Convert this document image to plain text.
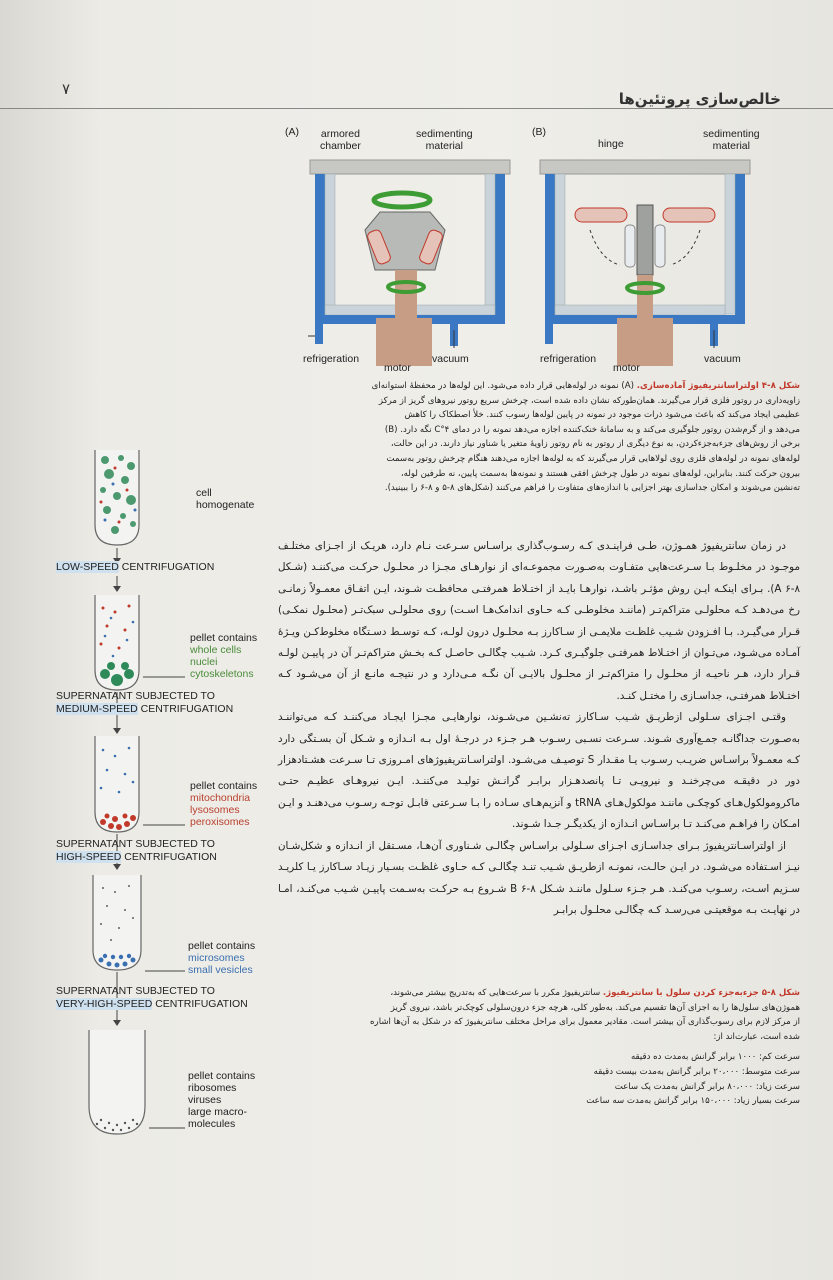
۷
خالص‌سازی پروتئین‌ها
(A) armored
chamber
sedimenting
material
(B)
hinge
sedimenting
material
refrigeration
motor
vacuum	refrigeration
motor
vacuum
شکل ۸-۴ اولتراسانتریفیوژ آماده‌سازی. (A) نمونه در لوله‌هایی قرار داده می‌شود. این لوله‌ها در محفظهٔ استوانه‌ای
زاویه‌داری در روتور فلزی قرار می‌گیرند. همان‌طور‌که نشان داده شده است، چرخش سریع روتور نیروهای گریز از مرکز
عظیمی ایجاد می‌کند که باعث می‌شود ذرات موجود در نمونه در پایین لوله‌ها رسوب کنند. خلأ اصطکاک را کاهش
می‌دهد و از گرم‌شدن روتور جلوگیری می‌کند و به سامانهٔ خنک‌کننده اجازه می‌دهد نمونه را در دمای ۴°C نگه دارد. (B)
برخی از روش‌های جزء‌به‌جزء‌کردن، به نوع دیگری از روتور به نام روتور زاویهٔ متغیر یا شناور نیاز دارند. در این حالت،
لوله‌های نمونه در لوله‌های فلزی روی لولاهایی قرار می‌گیرند که به لوله‌ها اجازه می‌دهند هنگام چرخش روتور به‌سمت
بیرون حرکت کنند. بنابراین، لوله‌های نمونه در طول چرخش افقی هستند و نمونه‌ها به‌سمت پایین، نه طرفین لوله،
ته‌نشین می‌شوند و امکان جداسازی بهتر اجزایی با اندازه‌های متفاوت را فراهم می‌کنند (شکل‌های ۸-۵ و ۸-۶ را ببینید).

در زمان سانتریفیوژ همـوژن، طـی فراینـدی کـه رسـوب‌گذاری براسـاس سـرعت نـام دارد، هریـک از اجـزای مختلـف موجـود در مخلـوط بـا سـرعت‌هایی متفـاوت به‌صـورت مجموعـه‌ای از نوارهـای مجـزا در محلـول حرکـت می‌کننـد (شـکل ۸-۶ A). بـرای اینکـه ایـن روش مؤثـر باشـد، نوارهـا بایـد از اختـلاط همرفتـی محافظـت شـوند، ایـن اتفـاق معمـولاً زمانـی رخ می‌دهـد کـه محلولـی متراکم‌تـر (ماننـد مخلوطـی کـه حـاوی اندامک‌هـا اسـت) روی محلولـی سبک‌تـر (محلـول نمکـی) قـرار می‌گیـرد. بـا افـزودن شـیب غلظـت ملایمـی از سـاکارز بـه محلـول درون لولـه، کـه توسـط دسـتگاه مخلوط‌کـن ویـژهٔ آمـاده می‌شـود، می‌تـوان از اختـلاط همرفتـی جلوگیـری کـرد. شـیب چگالـی حاصـل کـه بخـش متراکم‌تـر آن در پاییـن لولـه قـرار دارد، هـر ناحیـه از محلـول را متراکم‌تـر از محلـول بالایـی آن نگـه مـی‌دارد و در نتیجـه مانـع از آن می‌شـود کـه اختـلاط همرفتـی، جداسـازی را مختـل کنـد.

وقتـی اجـزای سـلولی ازطریـق شـیب سـاکارز ته‌نشـین می‌شـوند، نوارهایـی مجـزا ایجـاد می‌کننـد کـه می‌تواننـد به‌صـورت جداگانـه جمـع‌آوری شـوند. سـرعت نسـبی رسـوب هـر جـزء در درجـهٔ اول بـه انـدازه و شـکل آن بسـتگی دارد کـه معمـولاً براسـاس ضریـب رسـوب یـا مقـدار S توصیـف می‌شـود. اولتراسـانتریفیوژهای امـروزی تـا سـرعت هشـتادهزار دور در دقیقـه می‌چرخنـد و نیرویـی تـا پانصدهـزار برابـر گرانـش تولیـد می‌کننـد. ایـن نیروهـای عظیـم حتـی ماکرومولکول‌هـای کوچکـی ماننـد مولکول‌هـای tRNA و آنزیم‌هـای سـاده را بـا سـرعتی قابـل توجـه رسـوب می‌دهنـد و ایـن امـکان را فراهـم می‌کنـد تـا براسـاس انـدازه از یکدیگـر جـدا شـوند.

از اولتراسـانتریفیوژ بـرای جداسـازی اجـزای سـلولی براسـاس چگالـی شـناوری آن‌هـا، مسـتقل از انـدازه و شکل‌شـان نیـز اسـتفاده می‌شـود. در ایـن حالـت، نمونـه ازطریـق شـیب تنـد چگالـی کـه حـاوی غلظـت بسـیار زیـاد سـاکارز یـا کلریـد سـزیم اسـت، رسـوب می‌کنـد. هـر جـزء سـلول ماننـد شـکل ۸-۶ B شـروع بـه حرکـت به‌سـمت پاییـن شـیب می‌کنـد، امـا در نهایـت بـه موقعیتـی می‌رسـد کـه چگالـی محلـول برابـر

شکل ۸-۵ جزء‌به‌جزء کردن سلول با سانتریفیوژ. سانتریفیوژ مکرر با سرعت‌هایی که به‌تدریج بیشتر می‌شوند،
هموژن‌های سلول‌ها را به اجزای آن‌ها تقسیم می‌کند. به‌طور کلی، هرچه جزء درون‌سلولی کوچک‌تر باشد، نیروی گریز
از مرکز لازم برای رسوب‌گذاری آن بیشتر است. مقادیر معمول برای مراحل مختلف سانتریفیوژ که در شکل به آن‌ها اشاره
شده است، عبارت‌اند از:
سرعت کم: ۱۰۰۰ برابر گرانش به‌مدت ده دقیقه
سرعت متوسط: ۲۰،۰۰۰ برابر گرانش به‌مدت بیست دقیقه
سرعت زیاد: ۸۰،۰۰۰ برابر گرانش به‌مدت یک ساعت
سرعت بسیار زیاد: ۱۵۰،۰۰۰ برابر گرانش به‌مدت سه ساعت
cell
homogenate
LOW-SPEED CENTRIFUGATION
pellet contains
whole cells
nuclei
cytoskeletons
SUPERNATANT SUBJECTED TO
MEDIUM-SPEED CENTRIFUGATION
pellet contains
mitochondria
lysosomes
peroxisomes
SUPERNATANT SUBJECTED TO
HIGH-SPEED CENTRIFUGATION
pellet contains
microsomes
small vesicles
SUPERNATANT SUBJECTED TO
VERY-HIGH-SPEED CENTRIFUGATION
pellet contains
ribosomes
viruses
large macro-
molecules
